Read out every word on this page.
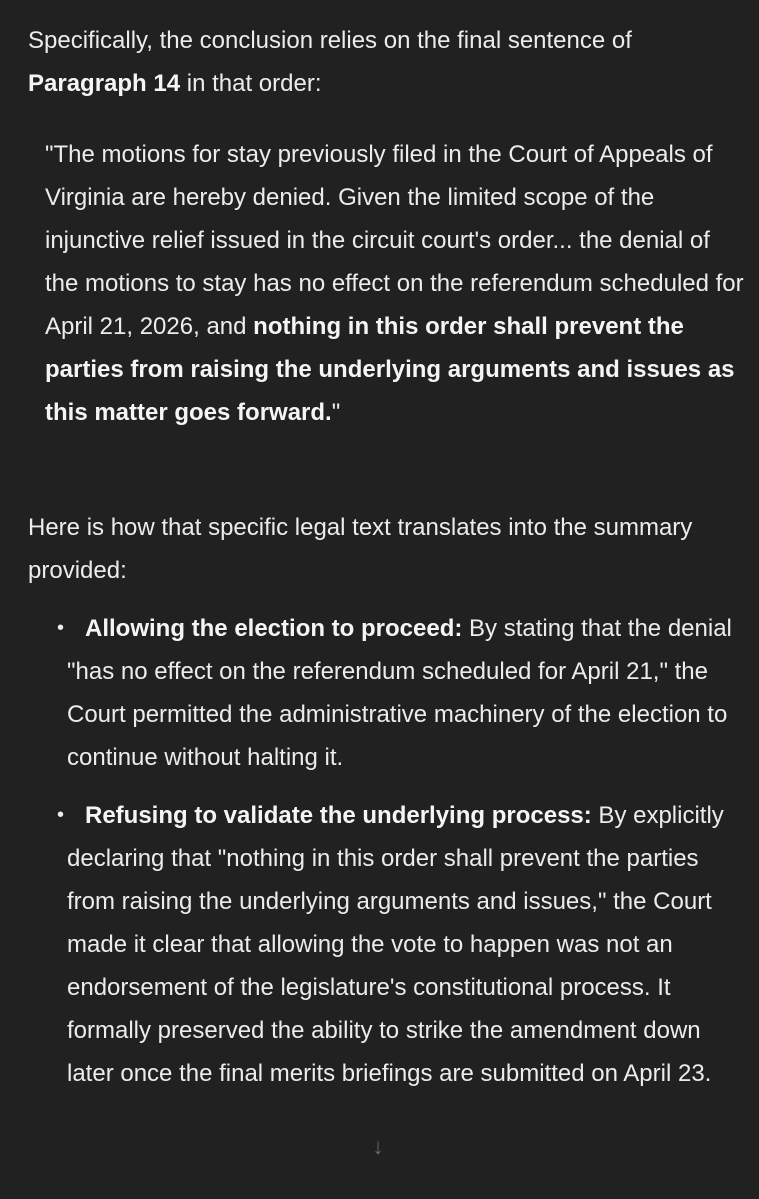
Specifically, the conclusion relies on the final sentence of Paragraph 14 in that order:

"The motions for stay previously filed in the Court of Appeals of Virginia are hereby denied. Given the limited scope of the injunctive relief issued in the circuit court's order... the denial of the motions to stay has no effect on the referendum scheduled for April 21, 2026, and nothing in this order shall prevent the parties from raising the underlying arguments and issues as this matter goes forward."

Here is how that specific legal text translates into the summary provided:

• Allowing the election to proceed: By stating that the denial "has no effect on the referendum scheduled for April 21," the Court permitted the administrative machinery of the election to continue without halting it.
• Refusing to validate the underlying process: By explicitly declaring that "nothing in this order shall prevent the parties from raising the underlying arguments and issues," the Court made it clear that allowing the vote to happen was not an endorsement of the legislature's constitutional process. It formally preserved the ability to strike the amendment down later once the final merits briefings are submitted on April 23.
↓
